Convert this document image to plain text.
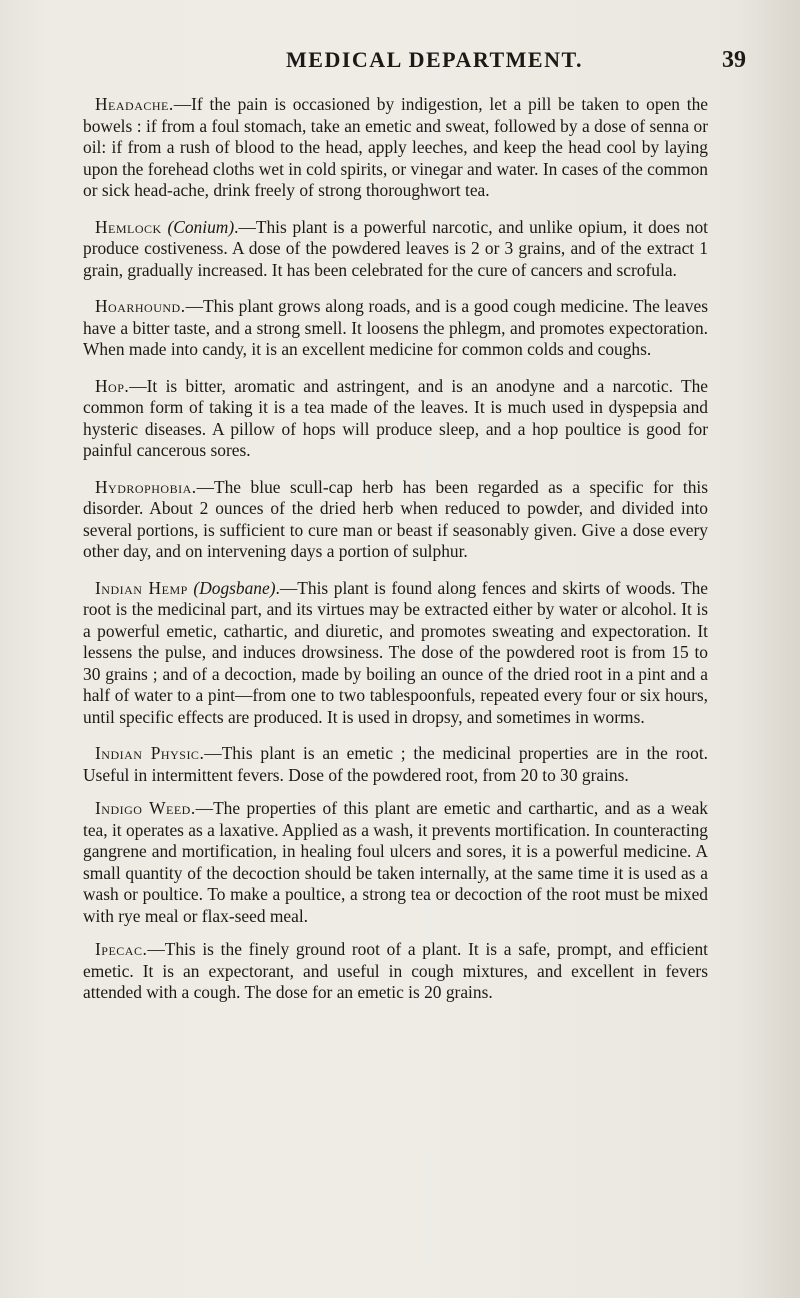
MEDICAL DEPARTMENT.	39

Headache.—If the pain is occasioned by indigestion, let a pill be taken to open the bowels : if from a foul stomach, take an emetic and sweat, followed by a dose of senna or oil: if from a rush of blood to the head, apply leeches, and keep the head cool by laying upon the forehead cloths wet in cold spirits, or vinegar and water. In cases of the common or sick head-ache, drink freely of strong thoroughwort tea.

Hemlock (Conium).—This plant is a powerful narcotic, and unlike opium, it does not produce costiveness. A dose of the powdered leaves is 2 or 3 grains, and of the extract 1 grain, gradually increased. It has been celebrated for the cure of cancers and scrofula.

Hoarhound.—This plant grows along roads, and is a good cough medicine. The leaves have a bitter taste, and a strong smell. It loosens the phlegm, and promotes expectoration. When made into candy, it is an excellent medicine for common colds and coughs.

Hop.—It is bitter, aromatic and astringent, and is an anodyne and a narcotic. The common form of taking it is a tea made of the leaves. It is much used in dyspepsia and hysteric diseases. A pillow of hops will produce sleep, and a hop poultice is good for painful cancerous sores.

Hydrophobia.—The blue scull-cap herb has been regarded as a specific for this disorder. About 2 ounces of the dried herb when reduced to powder, and divided into several portions, is sufficient to cure man or beast if seasonably given. Give a dose every other day, and on intervening days a portion of sulphur.

Indian Hemp (Dogsbane).—This plant is found along fences and skirts of woods. The root is the medicinal part, and its virtues may be extracted either by water or alcohol. It is a powerful emetic, cathartic, and diuretic, and promotes sweating and expectoration. It lessens the pulse, and induces drowsiness. The dose of the powdered root is from 15 to 30 grains ; and of a decoction, made by boiling an ounce of the dried root in a pint and a half of water to a pint—from one to two tablespoonfuls, repeated every four or six hours, until specific effects are produced. It is used in dropsy, and sometimes in worms.

Indian Physic.—This plant is an emetic ; the medicinal properties are in the root. Useful in intermittent fevers. Dose of the powdered root, from 20 to 30 grains.

Indigo Weed.—The properties of this plant are emetic and carthartic, and as a weak tea, it operates as a laxative. Applied as a wash, it prevents mortification. In counteracting gangrene and mortification, in healing foul ulcers and sores, it is a powerful medicine. A small quantity of the decoction should be taken internally, at the same time it is used as a wash or poultice. To make a poultice, a strong tea or decoction of the root must be mixed with rye meal or flax-seed meal.

Ipecac.—This is the finely ground root of a plant. It is a safe, prompt, and efficient emetic. It is an expectorant, and useful in cough mixtures, and excellent in fevers attended with a cough. The dose for an emetic is 20 grains.
